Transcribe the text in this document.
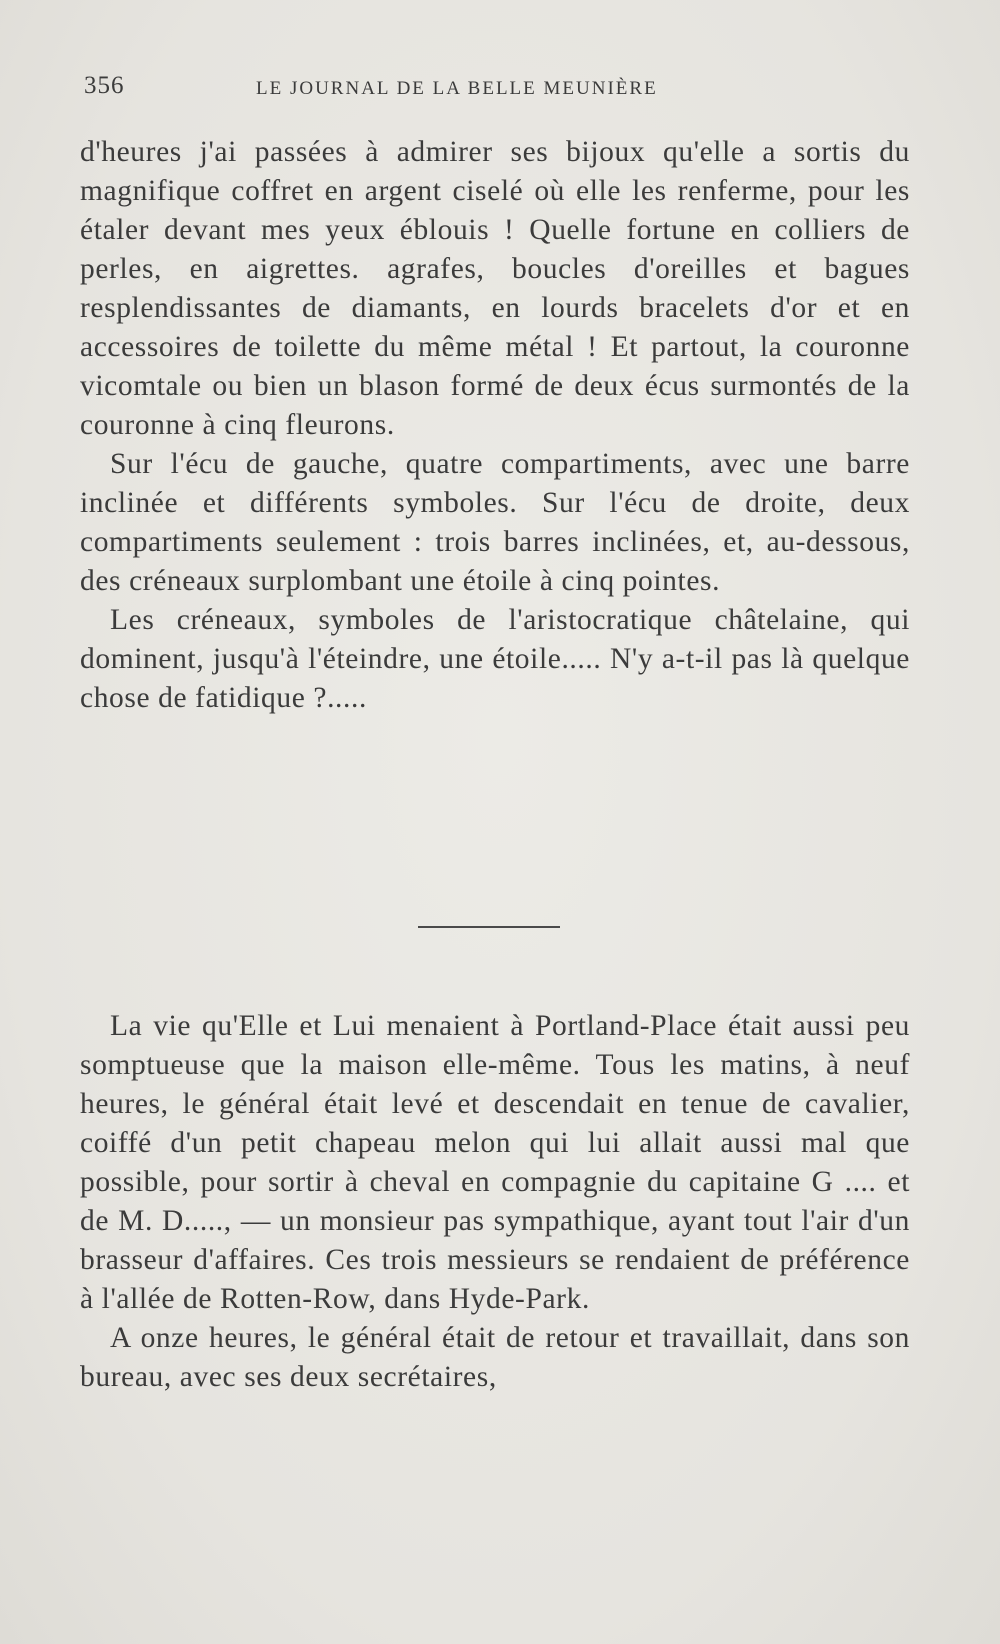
356	LE JOURNAL DE LA BELLE MEUNIÈRE

d'heures j'ai passées à admirer ses bijoux qu'elle a sortis du magnifique coffret en argent ciselé où elle les renferme, pour les étaler devant mes yeux éblouis ! Quelle fortune en colliers de perles, en aigrettes. agrafes, boucles d'oreilles et bagues resplendissantes de diamants, en lourds bracelets d'or et en accessoires de toilette du même métal ! Et partout, la couronne vicomtale ou bien un blason formé de deux écus surmontés de la couronne à cinq fleurons.

Sur l'écu de gauche, quatre compartiments, avec une barre inclinée et différents symboles. Sur l'écu de droite, deux compartiments seulement : trois barres inclinées, et, au-dessous, des créneaux surplombant une étoile à cinq pointes.

Les créneaux, symboles de l'aristocratique châtelaine, qui dominent, jusqu'à l'éteindre, une étoile..... N'y a-t-il pas là quelque chose de fatidique ?.....

La vie qu'Elle et Lui menaient à Portland-Place était aussi peu somptueuse que la maison elle-même. Tous les matins, à neuf heures, le général était levé et descendait en tenue de cavalier, coiffé d'un petit chapeau melon qui lui allait aussi mal que possible, pour sortir à cheval en compagnie du capitaine G .... et de M. D....., — un monsieur pas sympathique, ayant tout l'air d'un brasseur d'affaires. Ces trois messieurs se rendaient de préférence à l'allée de Rotten-Row, dans Hyde-Park.

A onze heures, le général était de retour et travaillait, dans son bureau, avec ses deux secrétaires,
